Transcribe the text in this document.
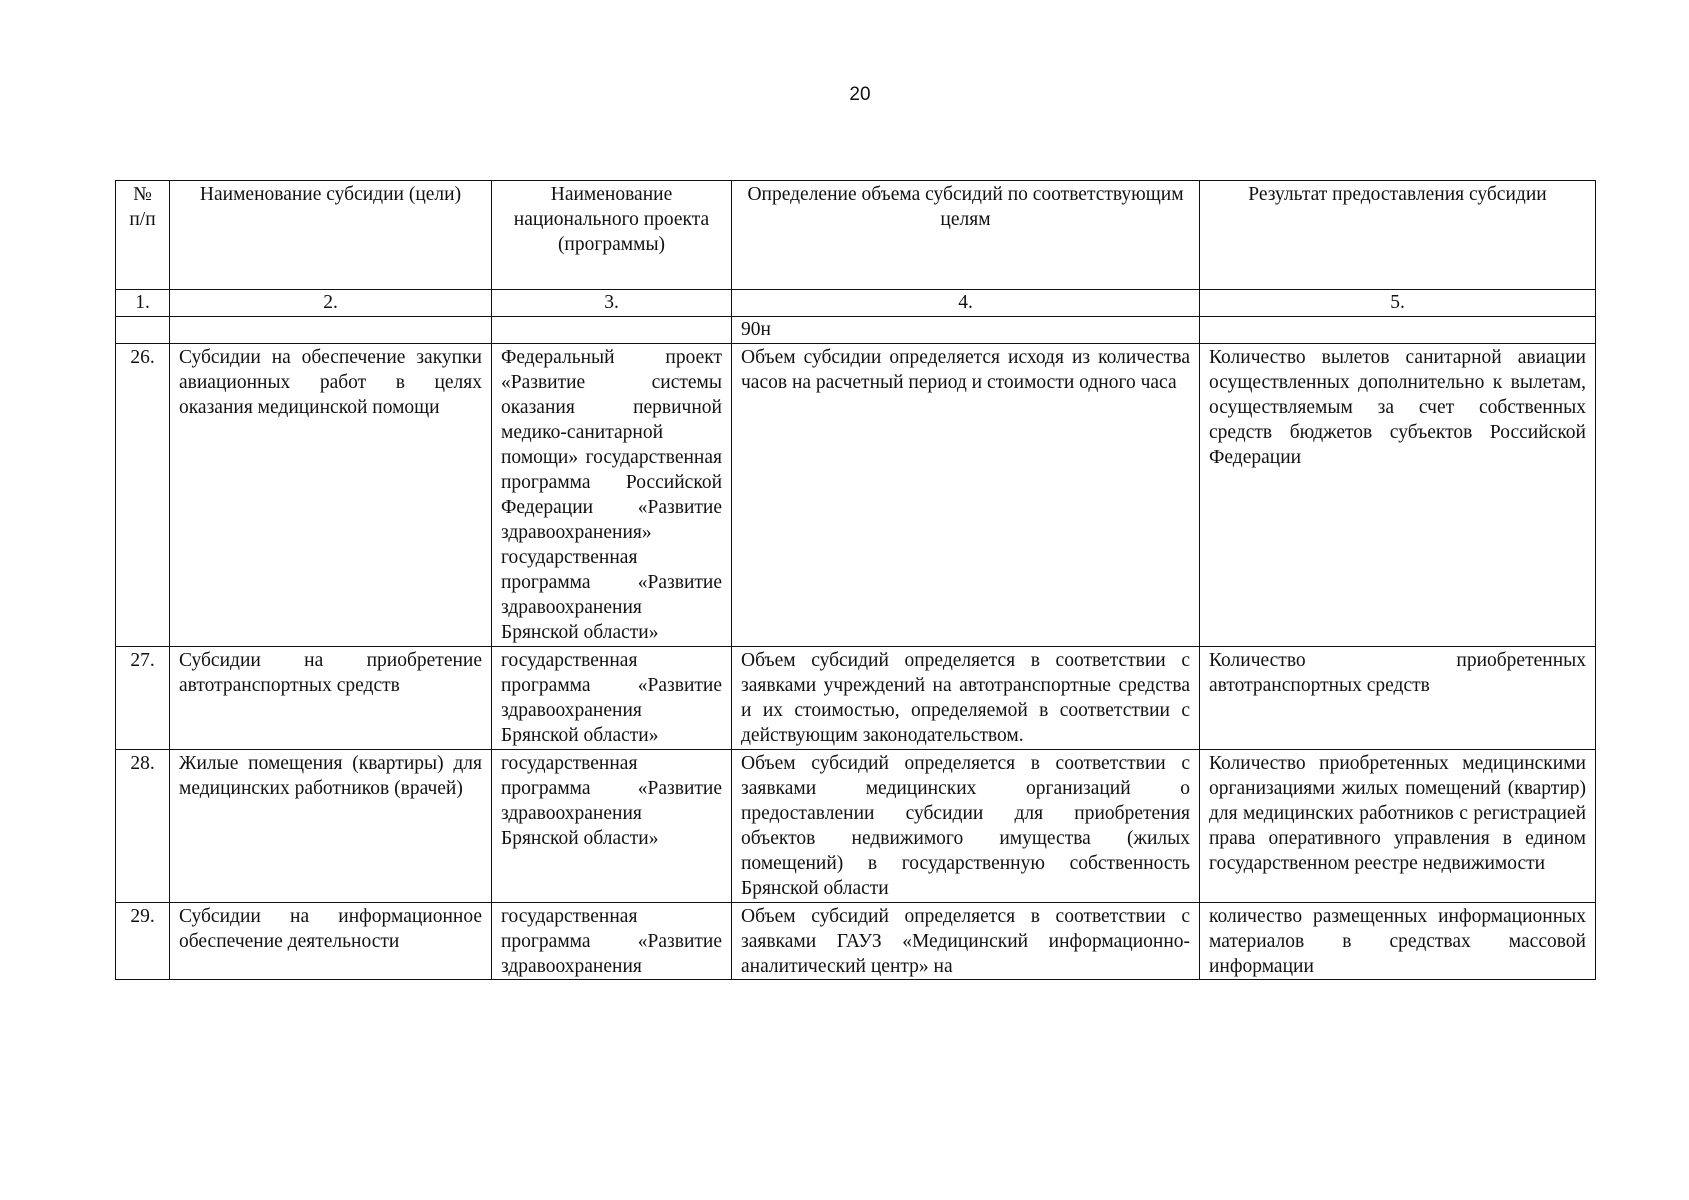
20
№ п/п	Наименование субсидии (цели)	Наименование национального проекта (программы)	Определение объема субсидий по соответствующим целям	Результат предоставления субсидии
1.	2.	3.	4.	5.
			90н	
26.	Субсидии на обеспечение закупки авиационных работ в целях оказания медицинской помощи	Федеральный проект «Развитие системы оказания первичной медико-санитарной помощи» государственная программа Российской Федерации «Развитие здравоохранения» государственная программа «Развитие здравоохранения Брянской области»	Объем субсидии определяется исходя из количества часов на расчетный период и стоимости одного часа	Количество вылетов санитарной авиации осуществленных дополнительно к вылетам, осуществляемым за счет собственных средств бюджетов субъектов Российской Федерации
27.	Субсидии на приобретение автотранспортных средств	государственная программа «Развитие здравоохранения Брянской области»	Объем субсидий определяется в соответствии с заявками учреждений на автотранспортные средства и их стоимостью, определяемой в соответствии с действующим законодательством.	Количество приобретенных автотранспортных средств
28.	Жилые помещения (квартиры) для медицинских работников (врачей)	государственная программа «Развитие здравоохранения Брянской области»	Объем субсидий определяется в соответствии с заявками медицинских организаций о предоставлении субсидии для приобретения объектов недвижимого имущества (жилых помещений) в государственную собственность Брянской области	Количество приобретенных медицинскими организациями жилых помещений (квартир) для медицинских работников с регистрацией права оперативного управления в едином государственном реестре недвижимости

29.	Субсидии на информационное обеспечение деятельности	государственная программа «Развитие здравоохранения	Объем субсидий определяется в соответствии с заявками ГАУЗ «Медицинский информационно-аналитический центр» на	количество размещенных информационных материалов в средствах массовой информации
